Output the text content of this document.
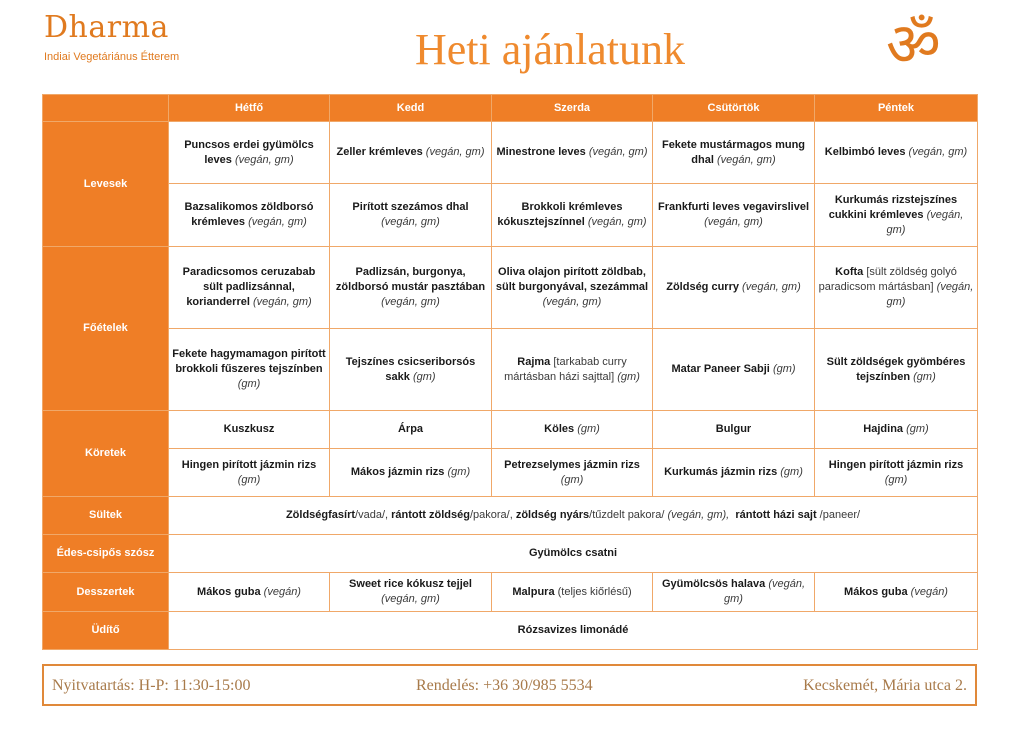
Dharma
Indiai Vegetáriánus Étterem	Heti ajánlatunk	ॐ
	Hétfő	Kedd	Szerda	Csütörtök	Péntek
Levesek	Puncsos erdei gyümölcs leves (vegán, gm)	Zeller krémleves (vegán, gm)	Minestrone leves (vegán, gm)	Fekete mustármagos mung dhal (vegán, gm)	Kelbimbó leves (vegán, gm)
	Bazsalikomos zöldborsó krémleves (vegán, gm)	Pirított szezámos dhal (vegán, gm)	Brokkoli krémleves kókusztejszínnel (vegán, gm)	Frankfurti leves vegavirslivel (vegán, gm)	Kurkumás rizstejszínes cukkini krémleves (vegán, gm)
Főételek	Paradicsomos ceruzabab sült padlizsánnal, korianderrel (vegán, gm)	Padlizsán, burgonya, zöldborsó mustár pasztában (vegán, gm)	Oliva olajon pirított zöldbab, sült burgonyával, szezámmal (vegán, gm)	Zöldség curry (vegán, gm)	Kofta [sült zöldség golyó paradicsom mártásban] (vegán, gm)
	Fekete hagymamagon pirított brokkoli fűszeres tejszínben (gm)	Tejszínes csicseriborsós sakk (gm)	Rajma [tarkabab curry mártásban házi sajttal] (gm)	Matar Paneer Sabji (gm)	Sült zöldségek gyömbéres tejszínben (gm)
Köretek	Kuszkusz	Árpa	Köles (gm)	Bulgur	Hajdina (gm)
	Hingen pirított jázmin rizs (gm)	Mákos jázmin rizs (gm)	Petrezselymes jázmin rizs (gm)	Kurkumás jázmin rizs (gm)	Hingen pirított jázmin rizs (gm)
Sültek	Zöldségfasírt/vada/, rántott zöldség/pakora/, zöldség nyárs/tűzdelt pakora/ (vegán, gm), rántott házi sajt /paneer/				
Édes-csipős szósz	Gyümölcs csatni				
Desszertek	Mákos guba (vegán)	Sweet rice kókusz tejjel (vegán, gm)	Malpura (teljes kiőrlésű)	Gyümölcsös halava (vegán, gm)	Mákos guba (vegán)
Üdítő	Rózsavizes limonádé				
Nyitvatartás: H-P: 11:30-15:00	Rendelés: +36 30/985 5534	Kecskemét, Mária utca 2.
